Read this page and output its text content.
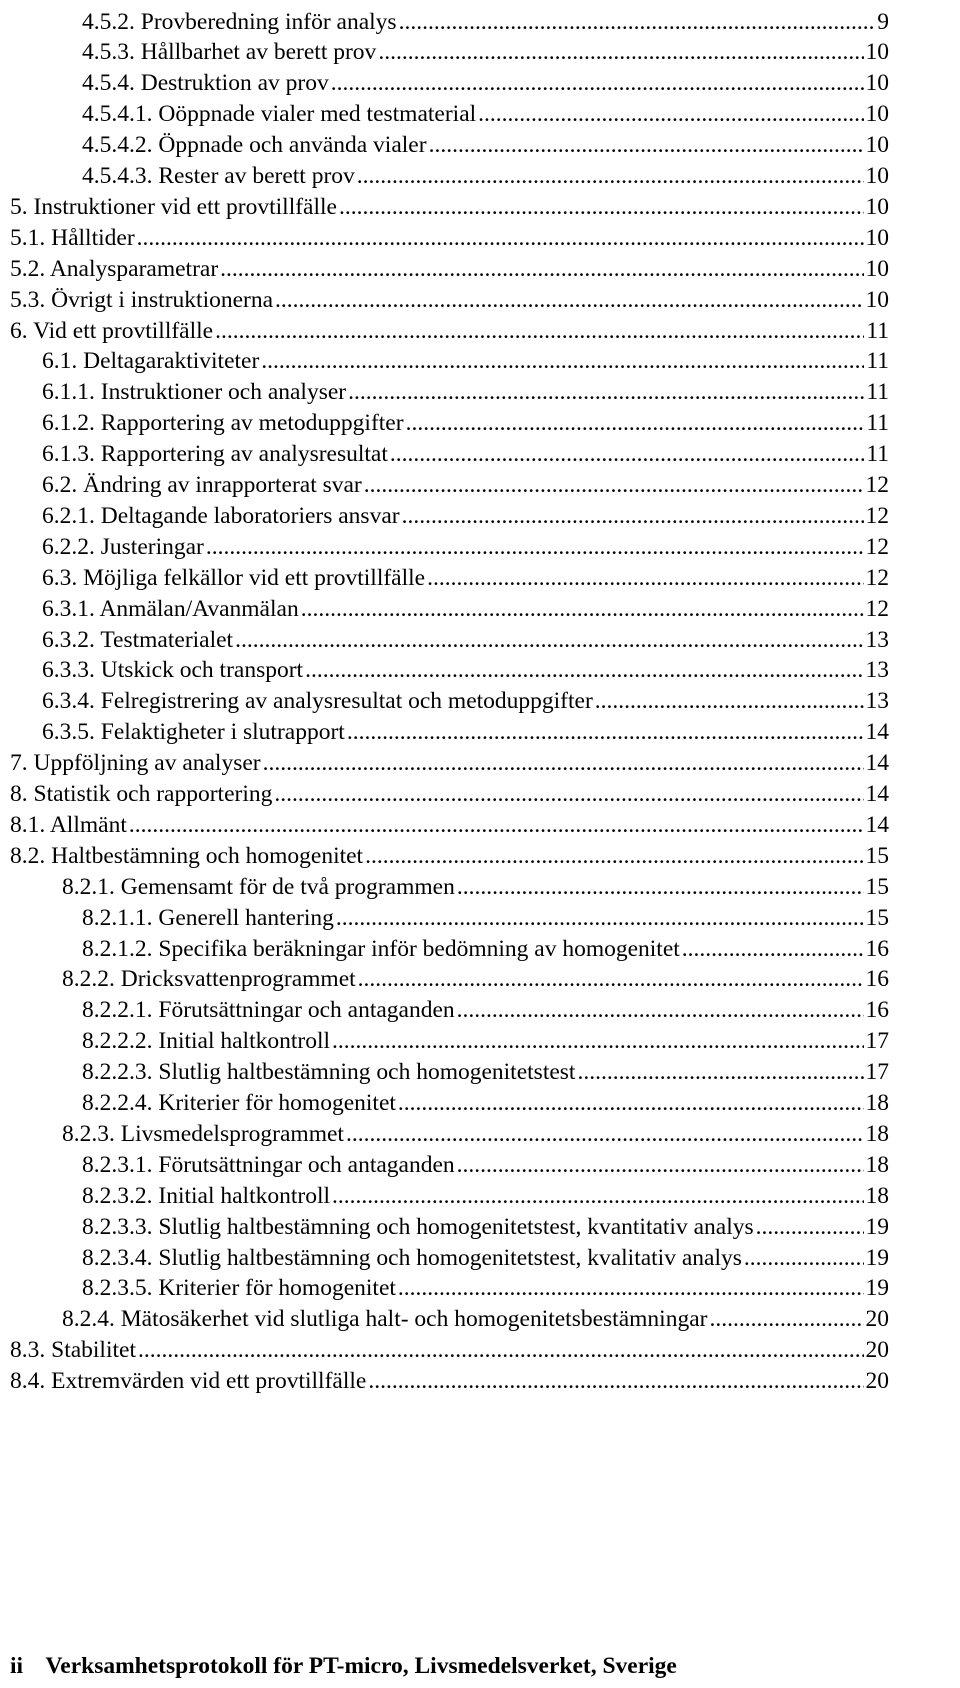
4.5.2. Provberedning inför analys .....	9
4.5.3. Hållbarhet av berett prov .....	10
4.5.4. Destruktion av prov .....	10
4.5.4.1. Oöppnade vialer med testmaterial .....	10
4.5.4.2. Öppnade och använda vialer .....	10
4.5.4.3. Rester av berett prov .....	10
5. Instruktioner vid ett provtillfälle .....	10
5.1. Hålltider .....	10
5.2. Analysparametrar .....	10
5.3. Övrigt i instruktionerna .....	10
6. Vid ett provtillfälle .....	11
6.1. Deltagaraktiviteter .....	11
6.1.1. Instruktioner och analyser .....	11
6.1.2. Rapportering av metoduppgifter .....	11
6.1.3. Rapportering av analysresultat .....	11
6.2. Ändring av inrapporterat svar .....	12
6.2.1. Deltagande laboratoriers ansvar .....	12
6.2.2. Justeringar .....	12
6.3. Möjliga felkällor vid ett provtillfälle .....	12
6.3.1. Anmälan/Avanmälan .....	12
6.3.2. Testmaterialet .....	13
6.3.3. Utskick och transport .....	13
6.3.4. Felregistrering av analysresultat och metoduppgifter .....	13
6.3.5. Felaktigheter i slutrapport .....	14
7. Uppföljning av analyser .....	14
8. Statistik och rapportering .....	14
8.1. Allmänt .....	14
8.2. Haltbestämning och homogenitet .....	15
8.2.1. Gemensamt för de två programmen .....	15
8.2.1.1. Generell hantering .....	15
8.2.1.2. Specifika beräkningar inför bedömning av homogenitet .....	16
8.2.2. Dricksvattenprogrammet .....	16
8.2.2.1. Förutsättningar och antaganden .....	16
8.2.2.2. Initial haltkontroll .....	17
8.2.2.3. Slutlig haltbestämning och homogenitetstest .....	17
8.2.2.4. Kriterier för homogenitet .....	18
8.2.3. Livsmedelsprogrammet .....	18
8.2.3.1. Förutsättningar och antaganden .....	18
8.2.3.2. Initial haltkontroll .....	18
8.2.3.3. Slutlig haltbestämning och homogenitetstest, kvantitativ analys .....	19
8.2.3.4. Slutlig haltbestämning och homogenitetstest, kvalitativ analys .....	19
8.2.3.5. Kriterier för homogenitet .....	19
8.2.4. Mätosäkerhet vid slutliga halt- och homogenitetsbestämningar .....	20
8.3. Stabilitet .....	20
8.4. Extremvärden vid ett provtillfälle .....	20
ii Verksamhetsprotokoll för PT-micro, Livsmedelsverket, Sverige
